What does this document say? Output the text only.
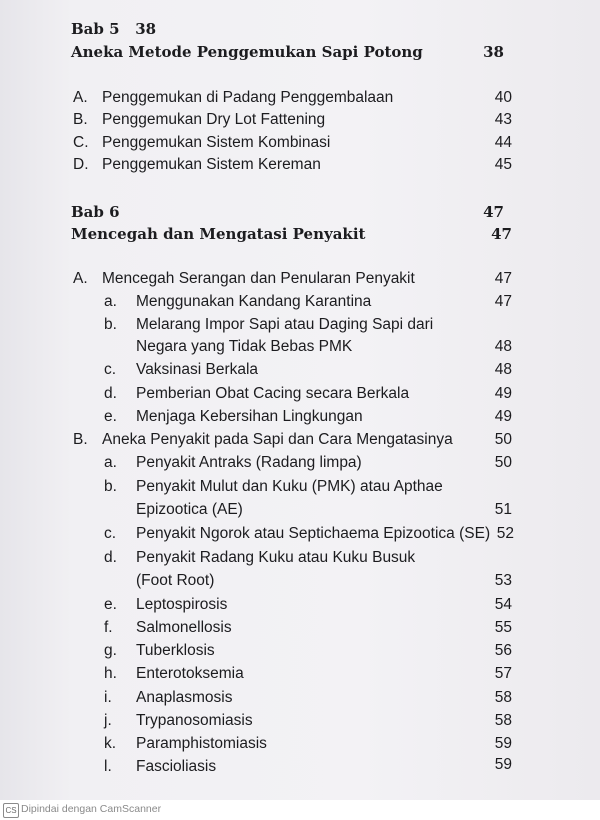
Bab 5 38
Aneka Metode Penggemukan Sapi Potong	38
A. Penggemukan di Padang Penggembalaan	40
B. Penggemukan Dry Lot Fattening	43
C. Penggemukan Sistem Kombinasi	44
D. Penggemukan Sistem Kereman	45
Bab 6	47
Mencegah dan Mengatasi Penyakit	47
A. Mencegah Serangan dan Penularan Penyakit	47
a. Menggunakan Kandang Karantina	47
b. Melarang Impor Sapi atau Daging Sapi dari
Negara yang Tidak Bebas PMK	48
c. Vaksinasi Berkala	48
d. Pemberian Obat Cacing secara Berkala	49
e. Menjaga Kebersihan Lingkungan	49
B. Aneka Penyakit pada Sapi dan Cara Mengatasinya	50
a. Penyakit Antraks (Radang limpa)	50
b. Penyakit Mulut dan Kuku (PMK) atau Apthae
Epizootica (AE)	51
c. Penyakit Ngorok atau Septichaema Epizootica (SE) 52
d. Penyakit Radang Kuku atau Kuku Busuk
(Foot Root)	53
e. Leptospirosis	54
f. Salmonellosis	55
g. Tuberklosis	56
h. Enterotoksemia	57
i. Anaplasmosis	58
j. Trypanosomiasis	58
k. Paramphistomiasis	59
l. Fascioliasis	59
CS Dipindai dengan CamScanner
